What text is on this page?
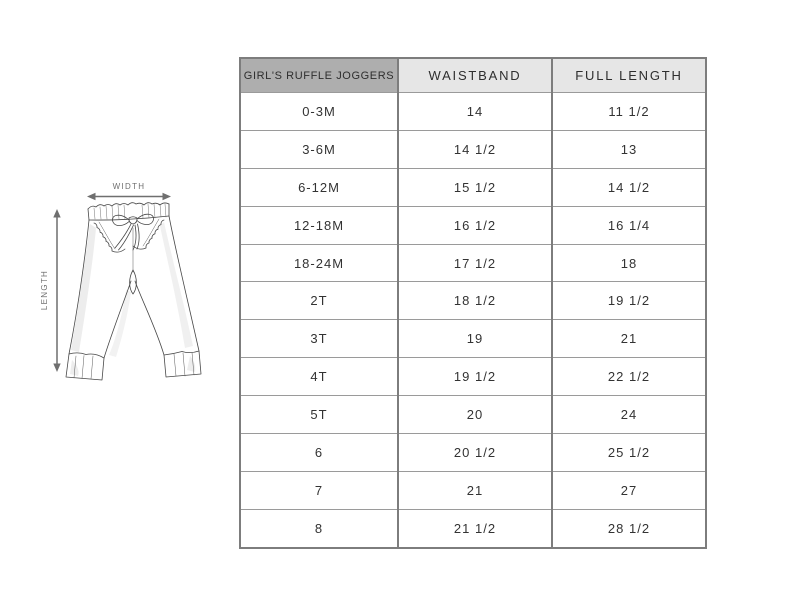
WIDTH
LENGTH
GIRL'S RUFFLE JOGGERS	WAISTBAND	FULL LENGTH
0-3M	14	11 1/2
3-6M	14 1/2	13
6-12M	15 1/2	14 1/2
12-18M	16 1/2	16 1/4
18-24M	17 1/2	18
2T	18 1/2	19 1/2
3T	19	21
4T	19 1/2	22 1/2
5T	20	24
6	20 1/2	25 1/2
7	21	27
8	21 1/2	28 1/2
